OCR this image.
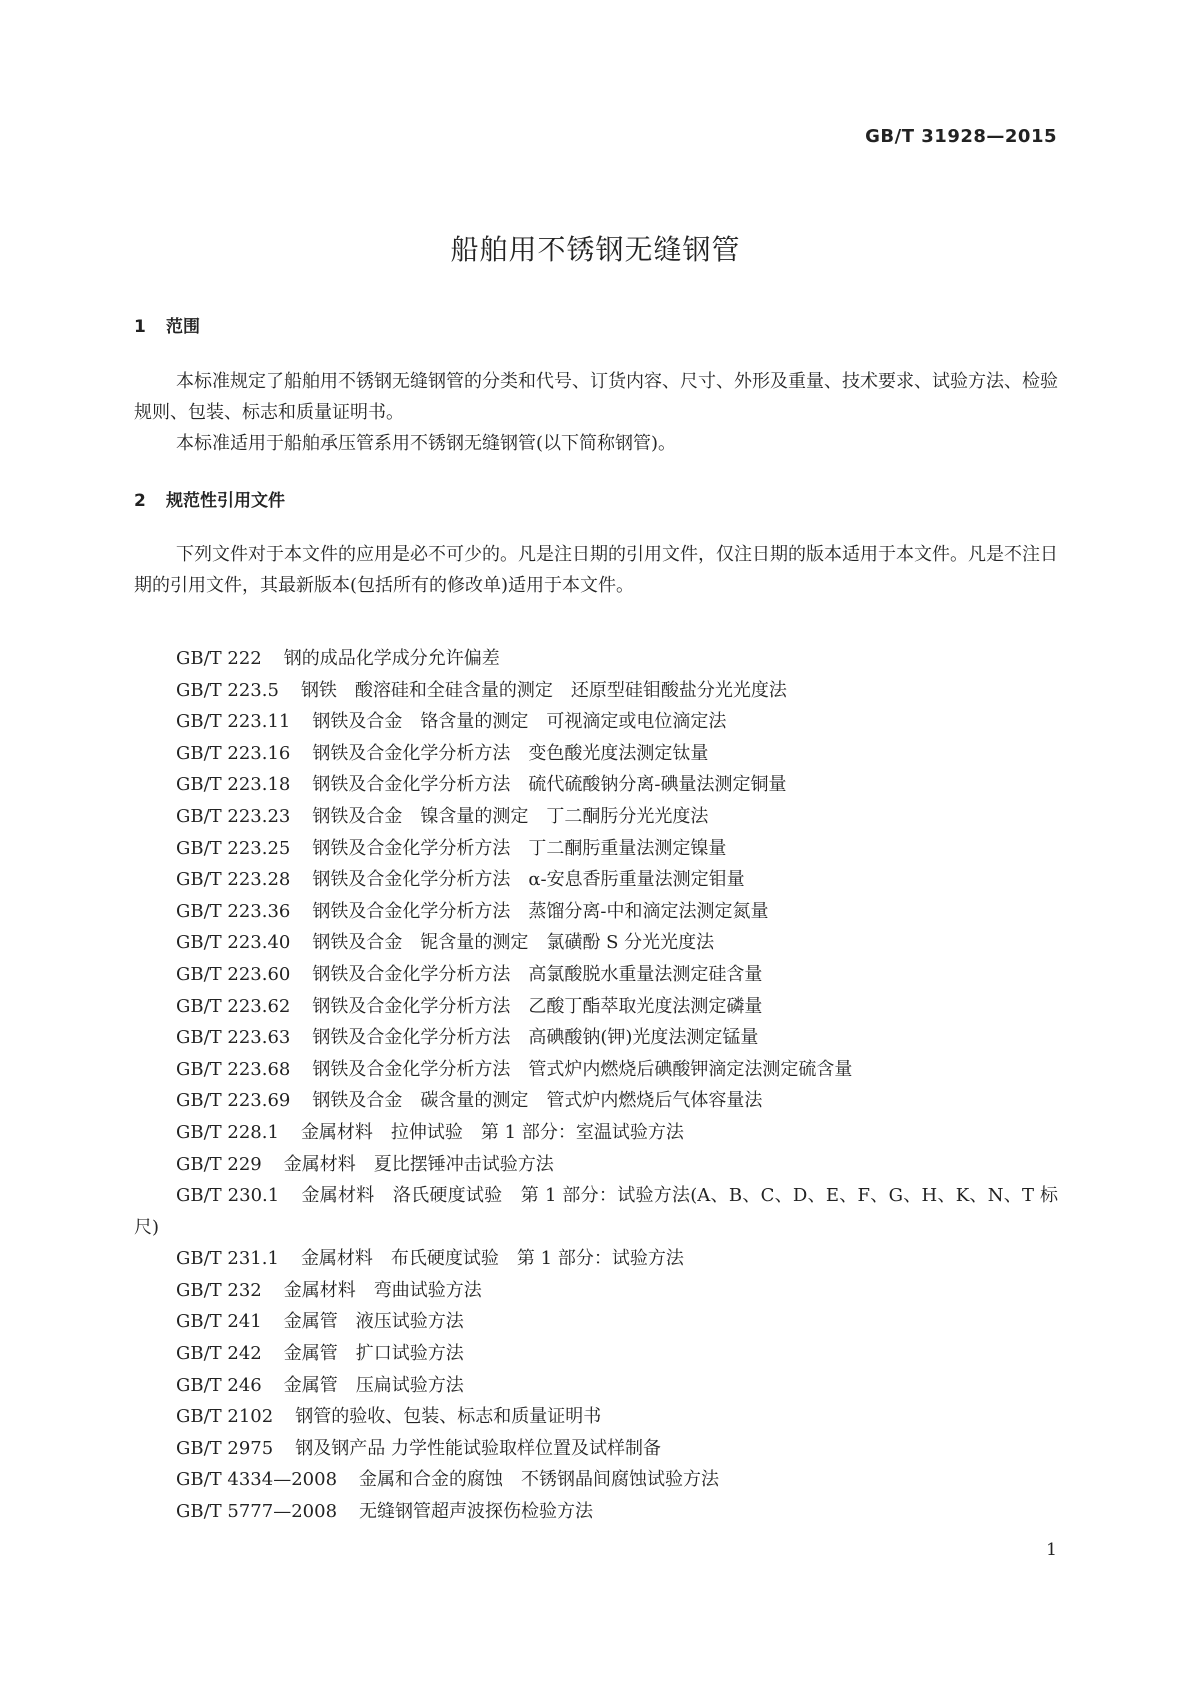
GB/T 31928—2015
船舶用不锈钢无缝钢管
1 范围

本标准规定了船舶用不锈钢无缝钢管的分类和代号、订货内容、尺寸、外形及重量、技术要求、试验方法、检验规则、包装、标志和质量证明书。

本标准适用于船舶承压管系用不锈钢无缝钢管(以下简称钢管)。

2 规范性引用文件

下列文件对于本文件的应用是必不可少的。凡是注日期的引用文件，仅注日期的版本适用于本文件。凡是不注日期的引用文件，其最新版本(包括所有的修改单)适用于本文件。

GB/T 222 钢的成品化学成分允许偏差
GB/T 223.5 钢铁　酸溶硅和全硅含量的测定　还原型硅钼酸盐分光光度法
GB/T 223.11 钢铁及合金　铬含量的测定　可视滴定或电位滴定法
GB/T 223.16 钢铁及合金化学分析方法　变色酸光度法测定钛量
GB/T 223.18 钢铁及合金化学分析方法　硫代硫酸钠分离-碘量法测定铜量
GB/T 223.23 钢铁及合金　镍含量的测定　丁二酮肟分光光度法
GB/T 223.25 钢铁及合金化学分析方法　丁二酮肟重量法测定镍量
GB/T 223.28 钢铁及合金化学分析方法　α-安息香肟重量法测定钼量
GB/T 223.36 钢铁及合金化学分析方法　蒸馏分离-中和滴定法测定氮量
GB/T 223.40 钢铁及合金　铌含量的测定　氯磺酚 S 分光光度法
GB/T 223.60 钢铁及合金化学分析方法　高氯酸脱水重量法测定硅含量
GB/T 223.62 钢铁及合金化学分析方法　乙酸丁酯萃取光度法测定磷量
GB/T 223.63 钢铁及合金化学分析方法　高碘酸钠(钾)光度法测定锰量
GB/T 223.68 钢铁及合金化学分析方法　管式炉内燃烧后碘酸钾滴定法测定硫含量
GB/T 223.69 钢铁及合金　碳含量的测定　管式炉内燃烧后气体容量法
GB/T 228.1 金属材料　拉伸试验　第 1 部分：室温试验方法
GB/T 229 金属材料　夏比摆锤冲击试验方法
GB/T 230.1 金属材料　洛氏硬度试验　第 1 部分：试验方法(A、B、C、D、E、F、G、H、K、N、T 标尺)
GB/T 231.1 金属材料　布氏硬度试验　第 1 部分：试验方法
GB/T 232 金属材料　弯曲试验方法
GB/T 241 金属管　液压试验方法
GB/T 242 金属管　扩口试验方法
GB/T 246 金属管　压扁试验方法
GB/T 2102 钢管的验收、包装、标志和质量证明书
GB/T 2975 钢及钢产品 力学性能试验取样位置及试样制备
GB/T 4334—2008 金属和合金的腐蚀　不锈钢晶间腐蚀试验方法
GB/T 5777—2008 无缝钢管超声波探伤检验方法
1
